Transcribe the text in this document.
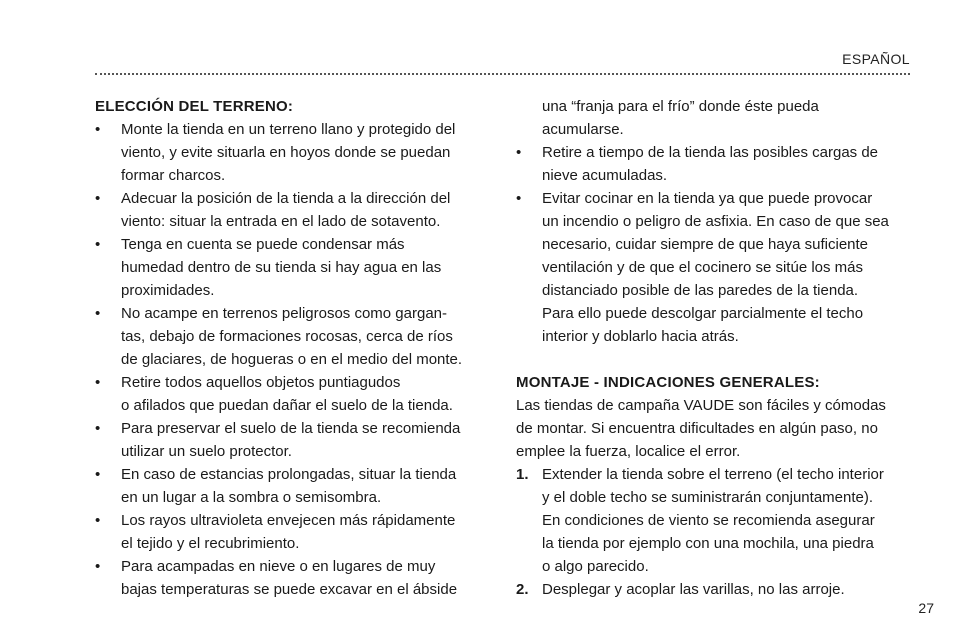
ESPAÑOL
ELECCIÓN DEL TERRENO:
• Monte la tienda en un terreno llano y protegido del
viento, y evite situarla en hoyos donde se puedan
formar charcos.
• Adecuar la posición de la tienda a la dirección del
viento: situar la entrada en el lado de sotavento.
• Tenga en cuenta se puede condensar más
humedad dentro de su tienda si hay agua en las
proximidades.
• No acampe en terrenos peligrosos como gargan-
tas, debajo de formaciones rocosas, cerca de ríos
de glaciares, de hogueras o en el medio del monte.
• Retire todos aquellos objetos puntiagudos
o afilados que puedan dañar el suelo de la tienda.
• Para preservar el suelo de la tienda se recomienda
utilizar un suelo protector.
• En caso de estancias prolongadas, situar la tienda
en un lugar a la sombra o semisombra.
• Los rayos ultravioleta envejecen más rápidamente
el tejido y el recubrimiento.
• Para acampadas en nieve o en lugares de muy
bajas temperaturas se puede excavar en el ábside
una “franja para el frío” donde éste pueda
acumularse.
• Retire a tiempo de la tienda las posibles cargas de
nieve acumuladas.
• Evitar cocinar en la tienda ya que puede provocar
un incendio o peligro de asfixia. En caso de que sea
necesario, cuidar siempre de que haya suficiente
ventilación y de que el cocinero se sitúe los más
distanciado posible de las paredes de la tienda.
Para ello puede descolgar parcialmente el techo
interior y doblarlo hacia atrás.
MONTAJE - INDICACIONES GENERALES:

Las tiendas de campaña VAUDE son fáciles y cómodas
de montar. Si encuentra dificultades en algún paso, no
emplee la fuerza, localice el error.

1. Extender la tienda sobre el terreno (el techo interior
y el doble techo se suministrarán conjuntamente).
En condiciones de viento se recomienda asegurar
la tienda por ejemplo con una mochila, una piedra
o algo parecido.
2. Desplegar y acoplar las varillas, no las arroje.
27
